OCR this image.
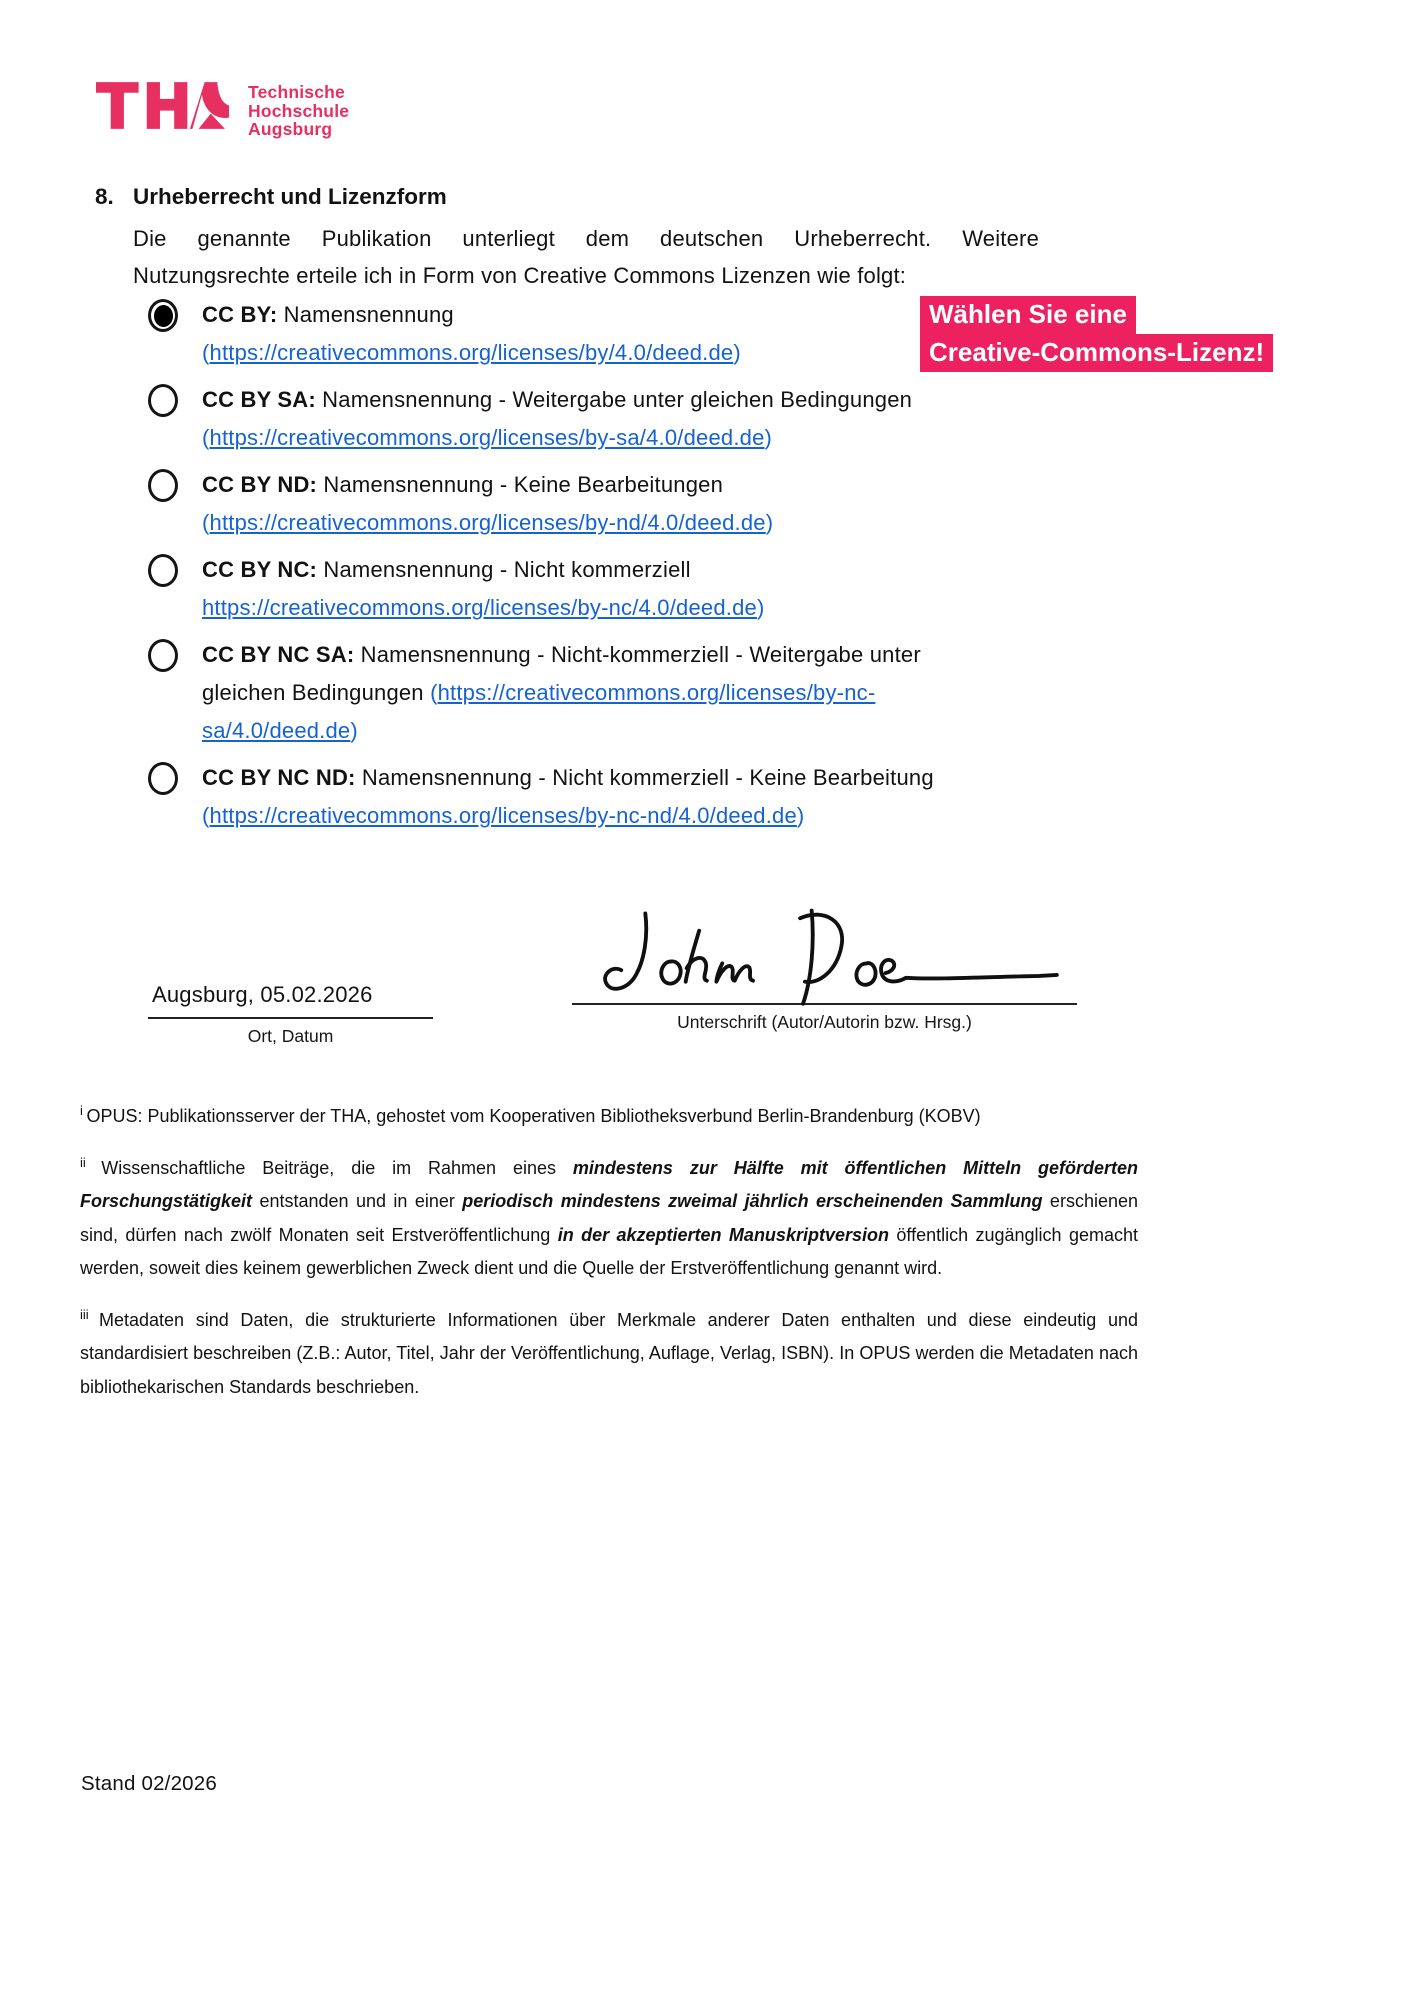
Technische
Hochschule
Augsburg
8. Urheberrecht und Lizenzform
Die genannte Publikation unterliegt dem deutschen Urheberrecht. Weitere
Nutzungsrechte erteile ich in Form von Creative Commons Lizenzen wie folgt:
CC BY: Namensnennung
(https://creativecommons.org/licenses/by/4.0/deed.de)
CC BY SA: Namensnennung - Weitergabe unter gleichen Bedingungen
(https://creativecommons.org/licenses/by-sa/4.0/deed.de)
CC BY ND: Namensnennung - Keine Bearbeitungen
(https://creativecommons.org/licenses/by-nd/4.0/deed.de)
CC BY NC: Namensnennung - Nicht kommerziell
https://creativecommons.org/licenses/by-nc/4.0/deed.de)
CC BY NC SA: Namensnennung - Nicht-kommerziell - Weitergabe unter
gleichen Bedingungen (https://creativecommons.org/licenses/by-nc-
sa/4.0/deed.de)
CC BY NC ND: Namensnennung - Nicht kommerziell - Keine Bearbeitung
(https://creativecommons.org/licenses/by-nc-nd/4.0/deed.de)
Wählen Sie eine
Creative-Commons-Lizenz!
Augsburg, 05.02.2026
Ort, Datum
Unterschrift (Autor/Autorin bzw. Hrsg.)
$^i$ OPUS: Publikationsserver der THA, gehostet vom Kooperativen Bibliotheksverbund Berlin-Brandenburg (KOBV)
$^{ii}$ Wissenschaftliche Beiträge, die im Rahmen eines mindestens zur Hälfte mit öffentlichen Mitteln geförderten Forschungstätigkeit entstanden und in einer periodisch mindestens zweimal jährlich erscheinenden Sammlung erschienen sind, dürfen nach zwölf Monaten seit Erstveröffentlichung in der akzeptierten Manuskriptversion öffentlich zugänglich gemacht werden, soweit dies keinem gewerblichen Zweck dient und die Quelle der Erstveröffentlichung genannt wird.
$^{iii}$ Metadaten sind Daten, die strukturierte Informationen über Merkmale anderer Daten enthalten und diese eindeutig und standardisiert beschreiben (Z.B.: Autor, Titel, Jahr der Veröffentlichung, Auflage, Verlag, ISBN). In OPUS werden die Metadaten nach bibliothekarischen Standards beschrieben.
Stand 02/2026
